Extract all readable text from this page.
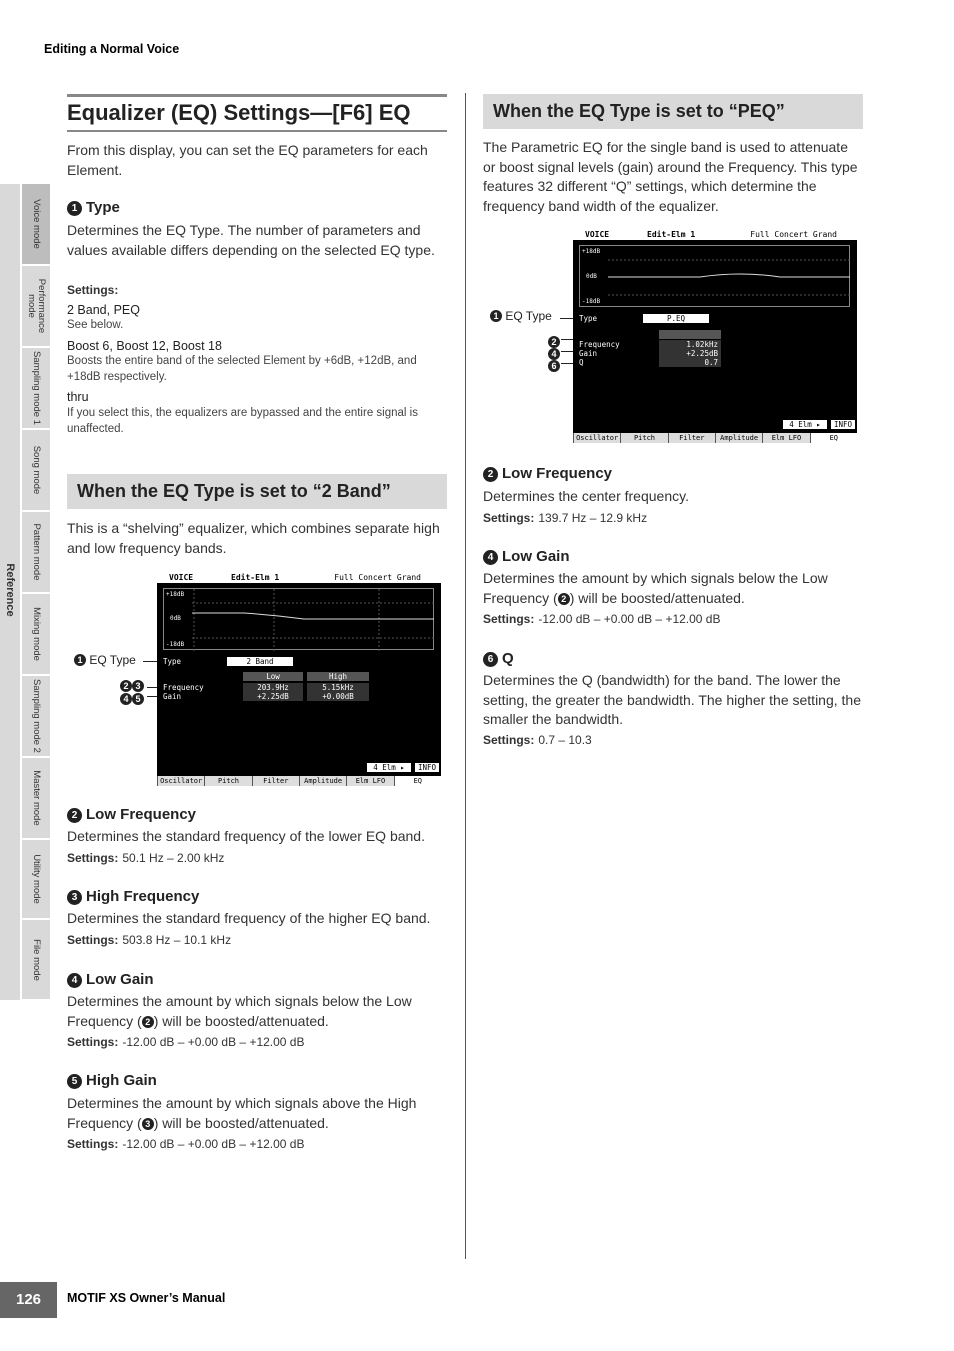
Editing a Normal Voice
Reference
Voice mode
Performance mode
Sampling mode 1
Song mode
Pattern mode
Mixing mode
Sampling mode 2
Master mode
Utility mode
File mode
Equalizer (EQ) Settings—[F6] EQ
From this display, you can set the EQ parameters for each Element.
1 Type
Determines the EQ Type. The number of parameters and values available differs depending on the selected EQ type.
Settings:
2 Band, PEQ
See below.
Boost 6, Boost 12, Boost 18
Boosts the entire band of the selected Element by +6dB, +12dB, and +18dB respectively.
thru
If you select this, the equalizers are bypassed and the entire signal is unaffected.
When the EQ Type is set to “2 Band”
This is a “shelving” equalizer, which combines separate high and low frequency bands.
1 EQ Type
2 3
4 5
VOICE	Edit-Elm 1	Full Concert Grand
+18dB
0dB
-18dB
Type	2 Band
Low	High
Frequency	203.9Hz	5.15kHz
Gain	+2.25dB	+0.00dB
4 Elm ▸	INFO
Oscillator	Pitch	Filter	Amplitude	Elm LFO	EQ
2 Low Frequency
Determines the standard frequency of the lower EQ band.
Settings: 50.1 Hz – 2.00 kHz
3 High Frequency
Determines the standard frequency of the higher EQ band.
Settings: 503.8 Hz – 10.1 kHz
4 Low Gain
Determines the amount by which signals below the Low Frequency ( 2 ) will be boosted/attenuated.
Settings: -12.00 dB – +0.00 dB – +12.00 dB
5 High Gain
Determines the amount by which signals above the High Frequency ( 3 ) will be boosted/attenuated.
Settings: -12.00 dB – +0.00 dB – +12.00 dB
When the EQ Type is set to “PEQ”
The Parametric EQ for the single band is used to attenuate or boost signal levels (gain) around the Frequency. This type features 32 different “Q” settings, which determine the frequency band width of the equalizer.
1 EQ Type
2
4
6
VOICE	Edit-Elm 1	Full Concert Grand
+18dB
0dB
-18dB
Type	P.EQ
Frequency	1.02kHz
Gain	+2.25dB
Q	0.7
4 Elm ▸	INFO
Oscillator	Pitch	Filter	Amplitude	Elm LFO	EQ
2 Low Frequency
Determines the center frequency.
Settings: 139.7 Hz – 12.9 kHz
4 Low Gain
Determines the amount by which signals below the Low Frequency ( 2 ) will be boosted/attenuated.
Settings: -12.00 dB – +0.00 dB – +12.00 dB
6 Q
Determines the Q (bandwidth) for the band. The lower the setting, the greater the bandwidth. The higher the setting, the smaller the bandwidth.
Settings: 0.7 – 10.3
126	MOTIF XS Owner’s Manual
